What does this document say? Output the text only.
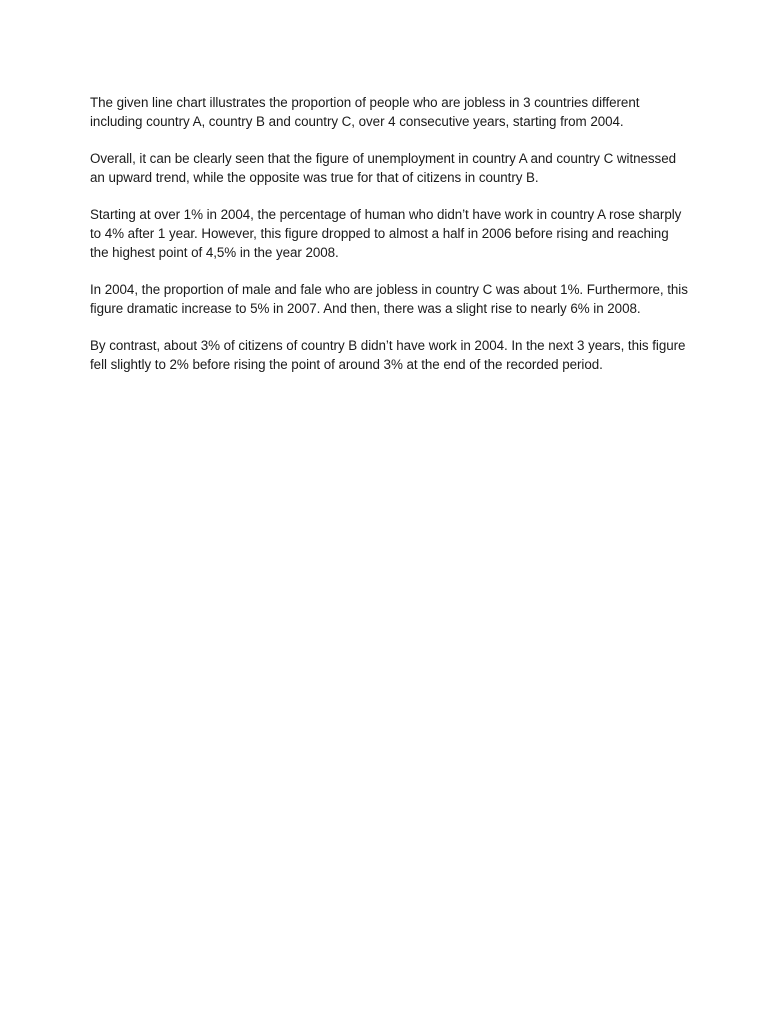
The given line chart illustrates the proportion of people who are jobless in 3 countries different including country A, country B and country C, over 4 consecutive years, starting from 2004.

Overall, it can be clearly seen that the figure of unemployment in country A and country C witnessed an upward trend, while the opposite was true for that of citizens in country B.

Starting at over 1% in 2004, the percentage of human who didn’t have work in country A rose sharply to 4% after 1 year. However, this figure dropped to almost a half in 2006 before rising and reaching the highest point of 4,5% in the year 2008.

In 2004, the proportion of male and fale who are jobless in country C was about 1%. Furthermore, this figure dramatic increase to 5% in 2007. And then, there was a slight rise to nearly 6% in 2008.

By contrast, about 3% of citizens of country B didn’t have work in 2004. In the next 3 years, this figure fell slightly to 2% before rising the point of around 3% at the end of the recorded period.
